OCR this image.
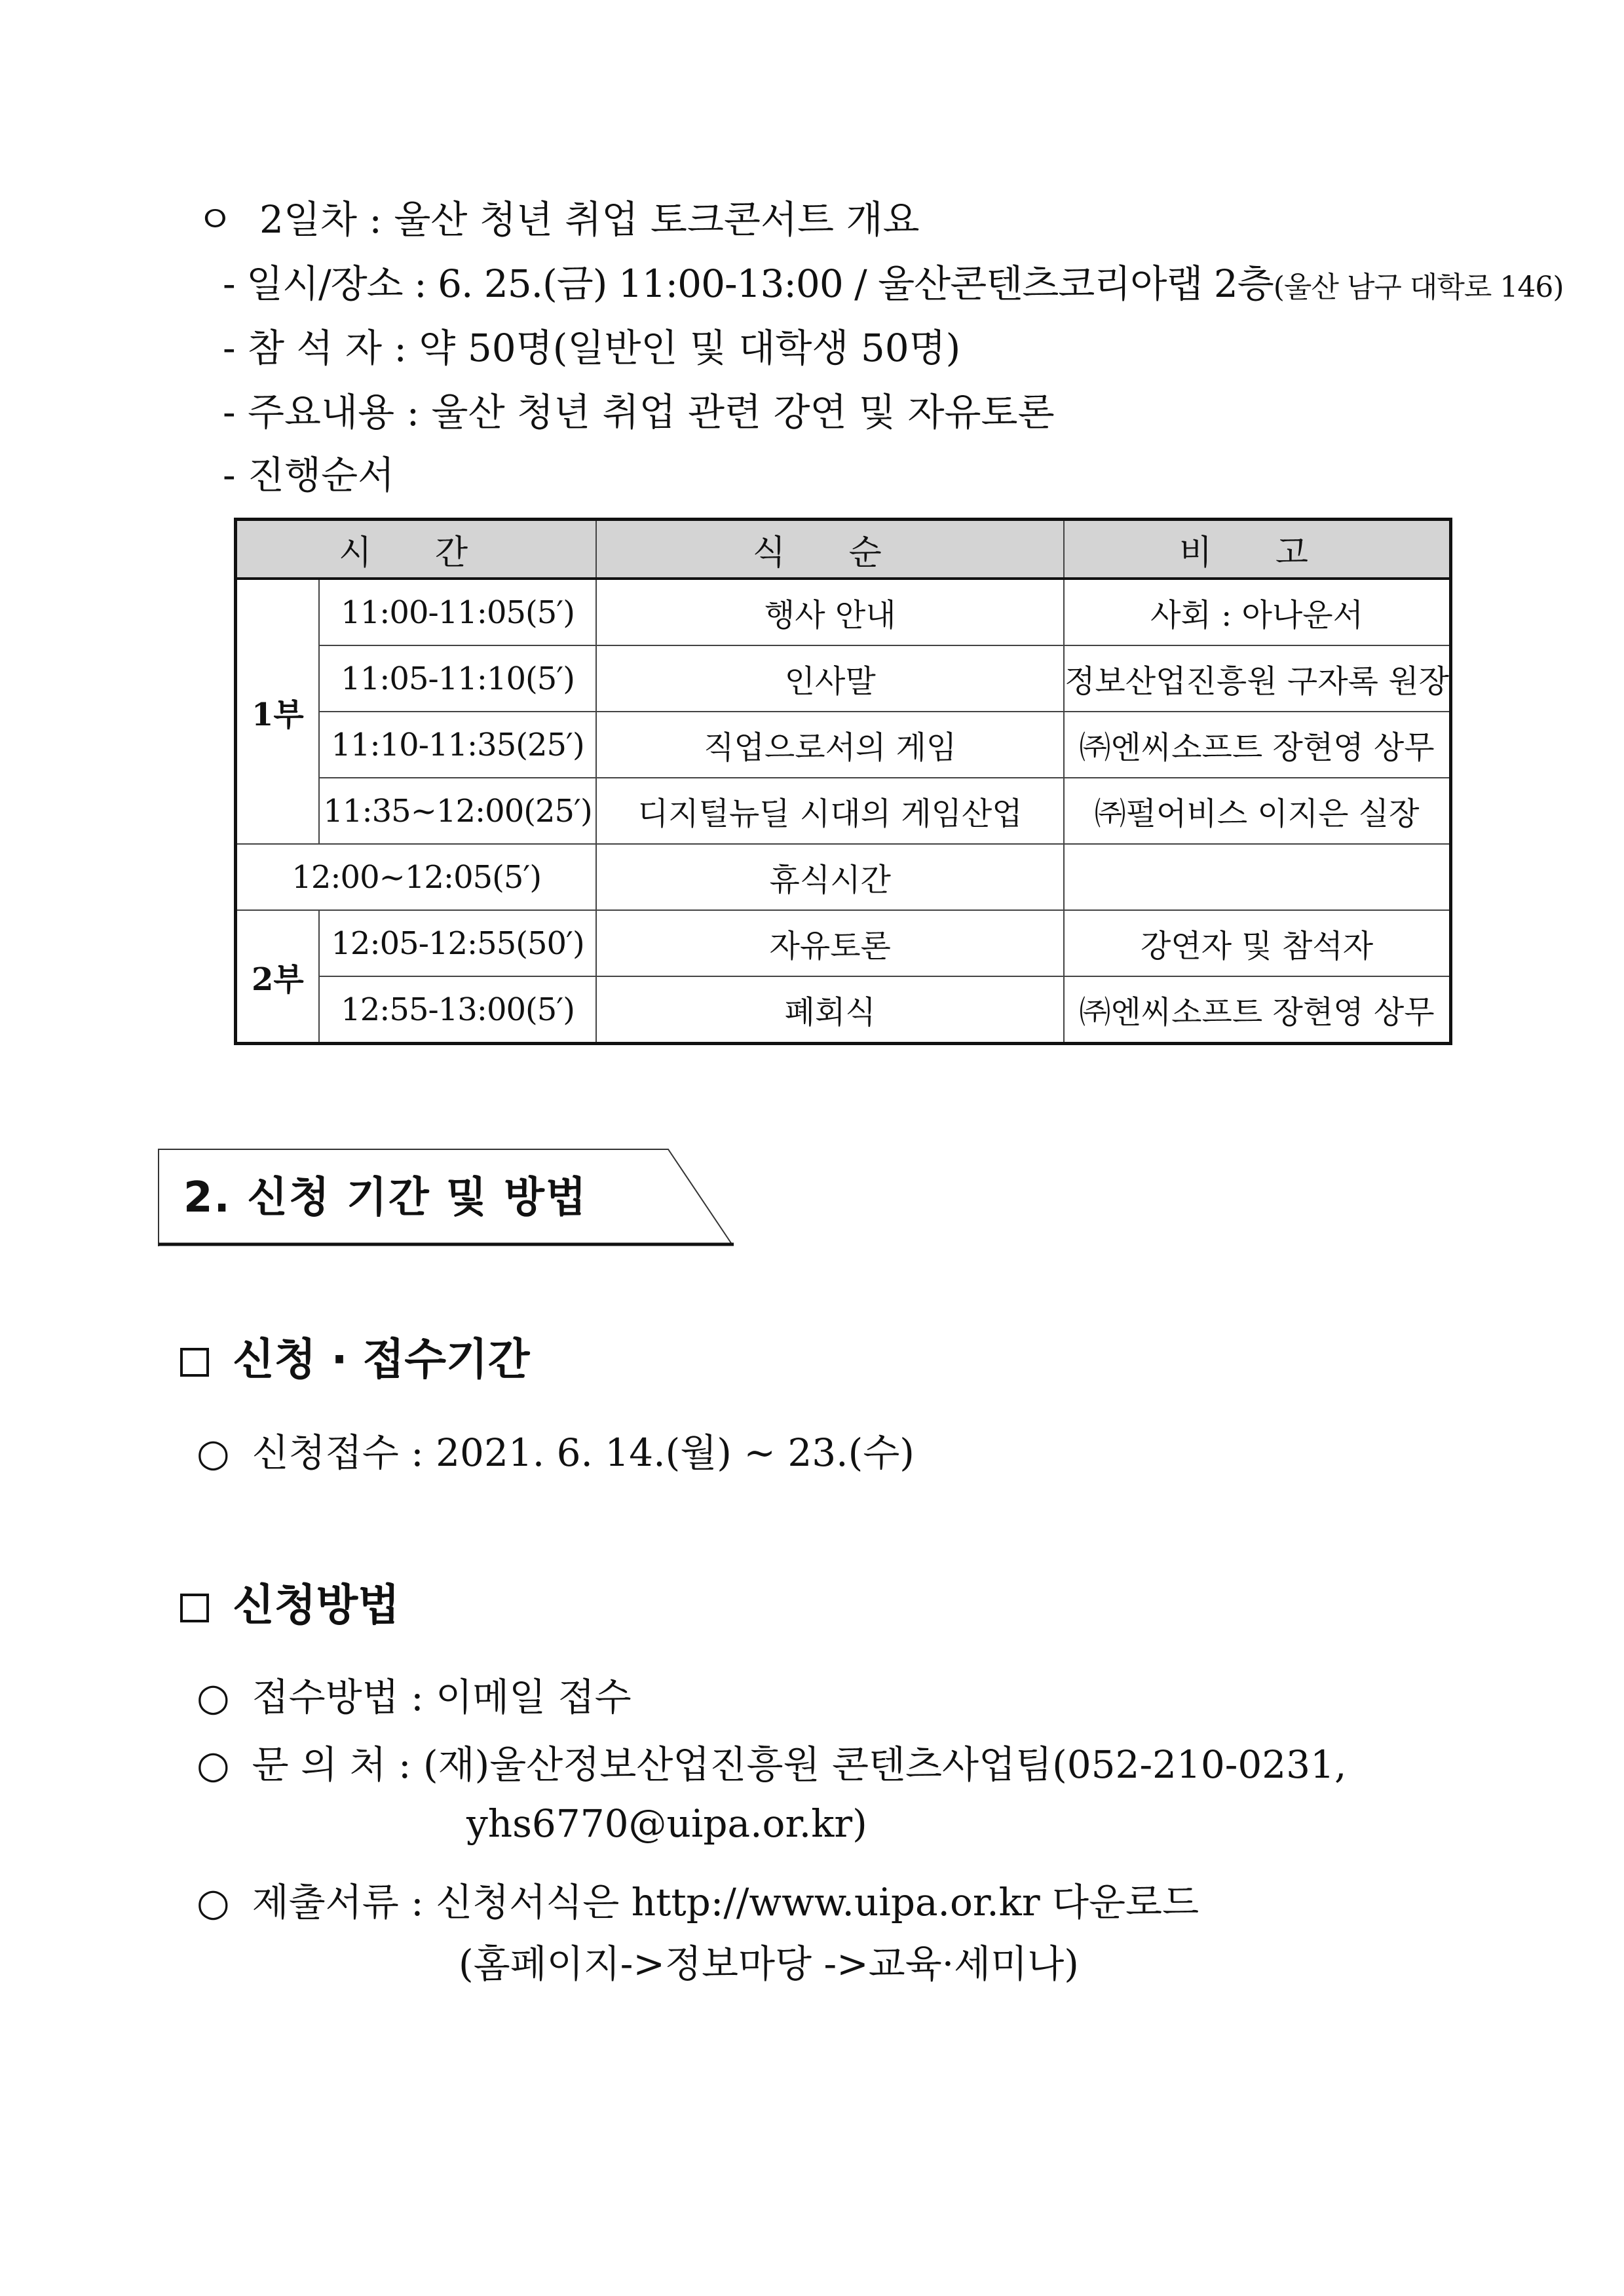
ㅇ 2일차 : 울산 청년 취업 토크콘서트 개요
- 일시/장소 : 6. 25.(금) 11:00-13:00 / 울산콘텐츠코리아랩 2층(울산 남구 대학로 146)
- 참 석 자 : 약 50명(일반인 및 대학생 50명)
- 주요내용 : 울산 청년 취업 관련 강연 및 자유토론
- 진행순서
시 간		식 순	비 고
1부	11:00-11:05(5′)	행사 안내	사회 : 아나운서
	11:05-11:10(5′)	인사말	정보산업진흥원 구자록 원장
	11:10-11:35(25′)	직업으로서의 게임	㈜엔씨소프트 장현영 상무
	11:35~12:00(25′)	디지털뉴딜 시대의 게임산업	㈜펄어비스 이지은 실장
12:00~12:05(5′)		휴식시간	
2부	12:05-12:55(50′)	자유토론	강연자 및 참석자
	12:55-13:00(5′)	폐회식	㈜엔씨소프트 장현영 상무
2. 신청 기간 및 방법
신청 · 접수기간
○ 신청접수 : 2021. 6. 14.(월) ~ 23.(수)
신청방법
○ 접수방법 : 이메일 접수
○ 문 의 처 : (재)울산정보산업진흥원 콘텐츠사업팀(052-210-0231,
yhs6770@uipa.or.kr)
○ 제출서류 : 신청서식은 http://www.uipa.or.kr 다운로드
(홈페이지->정보마당 ->교육·세미나)
